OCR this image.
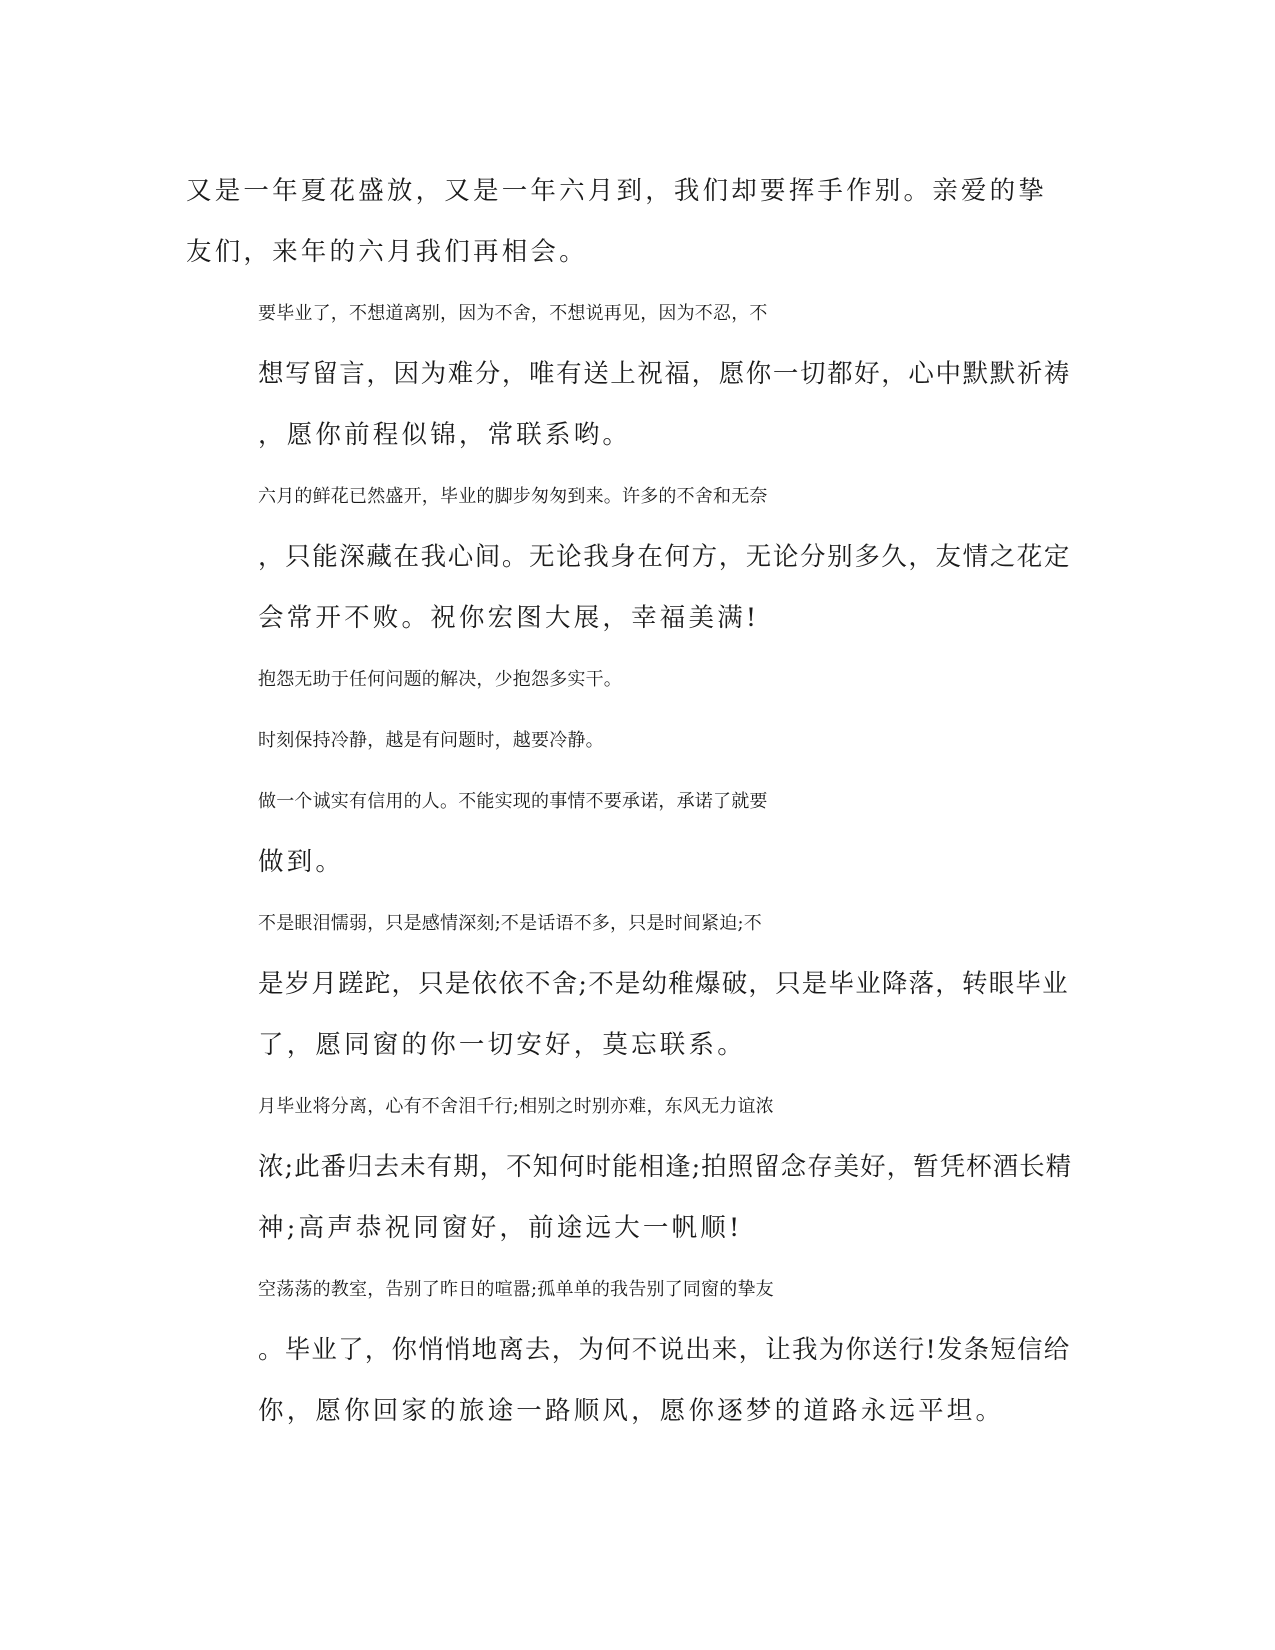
又是一年夏花盛放，又是一年六月到，我们却要挥手作别。亲爱的挚
友们，来年的六月我们再相会。

要毕业了，不想道离别，因为不舍，不想说再见，因为不忍，不
想写留言，因为难分，唯有送上祝福，愿你一切都好，心中默默祈祷
，愿你前程似锦，常联系哟。

六月的鲜花已然盛开，毕业的脚步匆匆到来。许多的不舍和无奈
，只能深藏在我心间。无论我身在何方，无论分别多久，友情之花定
会常开不败。祝你宏图大展，幸福美满!

抱怨无助于任何问题的解决，少抱怨多实干。

时刻保持冷静，越是有问题时，越要冷静。

做一个诚实有信用的人。不能实现的事情不要承诺，承诺了就要
做到。

不是眼泪懦弱，只是感情深刻;不是话语不多，只是时间紧迫;不
是岁月蹉跎，只是依依不舍;不是幼稚爆破，只是毕业降落，转眼毕业
了，愿同窗的你一切安好，莫忘联系。

月毕业将分离，心有不舍泪千行;相别之时别亦难，东风无力谊浓
浓;此番归去未有期，不知何时能相逢;拍照留念存美好，暂凭杯酒长精
神;高声恭祝同窗好，前途远大一帆顺!

空荡荡的教室，告别了昨日的喧嚣;孤单单的我告别了同窗的挚友
。毕业了，你悄悄地离去，为何不说出来，让我为你送行!发条短信给
你，愿你回家的旅途一路顺风，愿你逐梦的道路永远平坦。
